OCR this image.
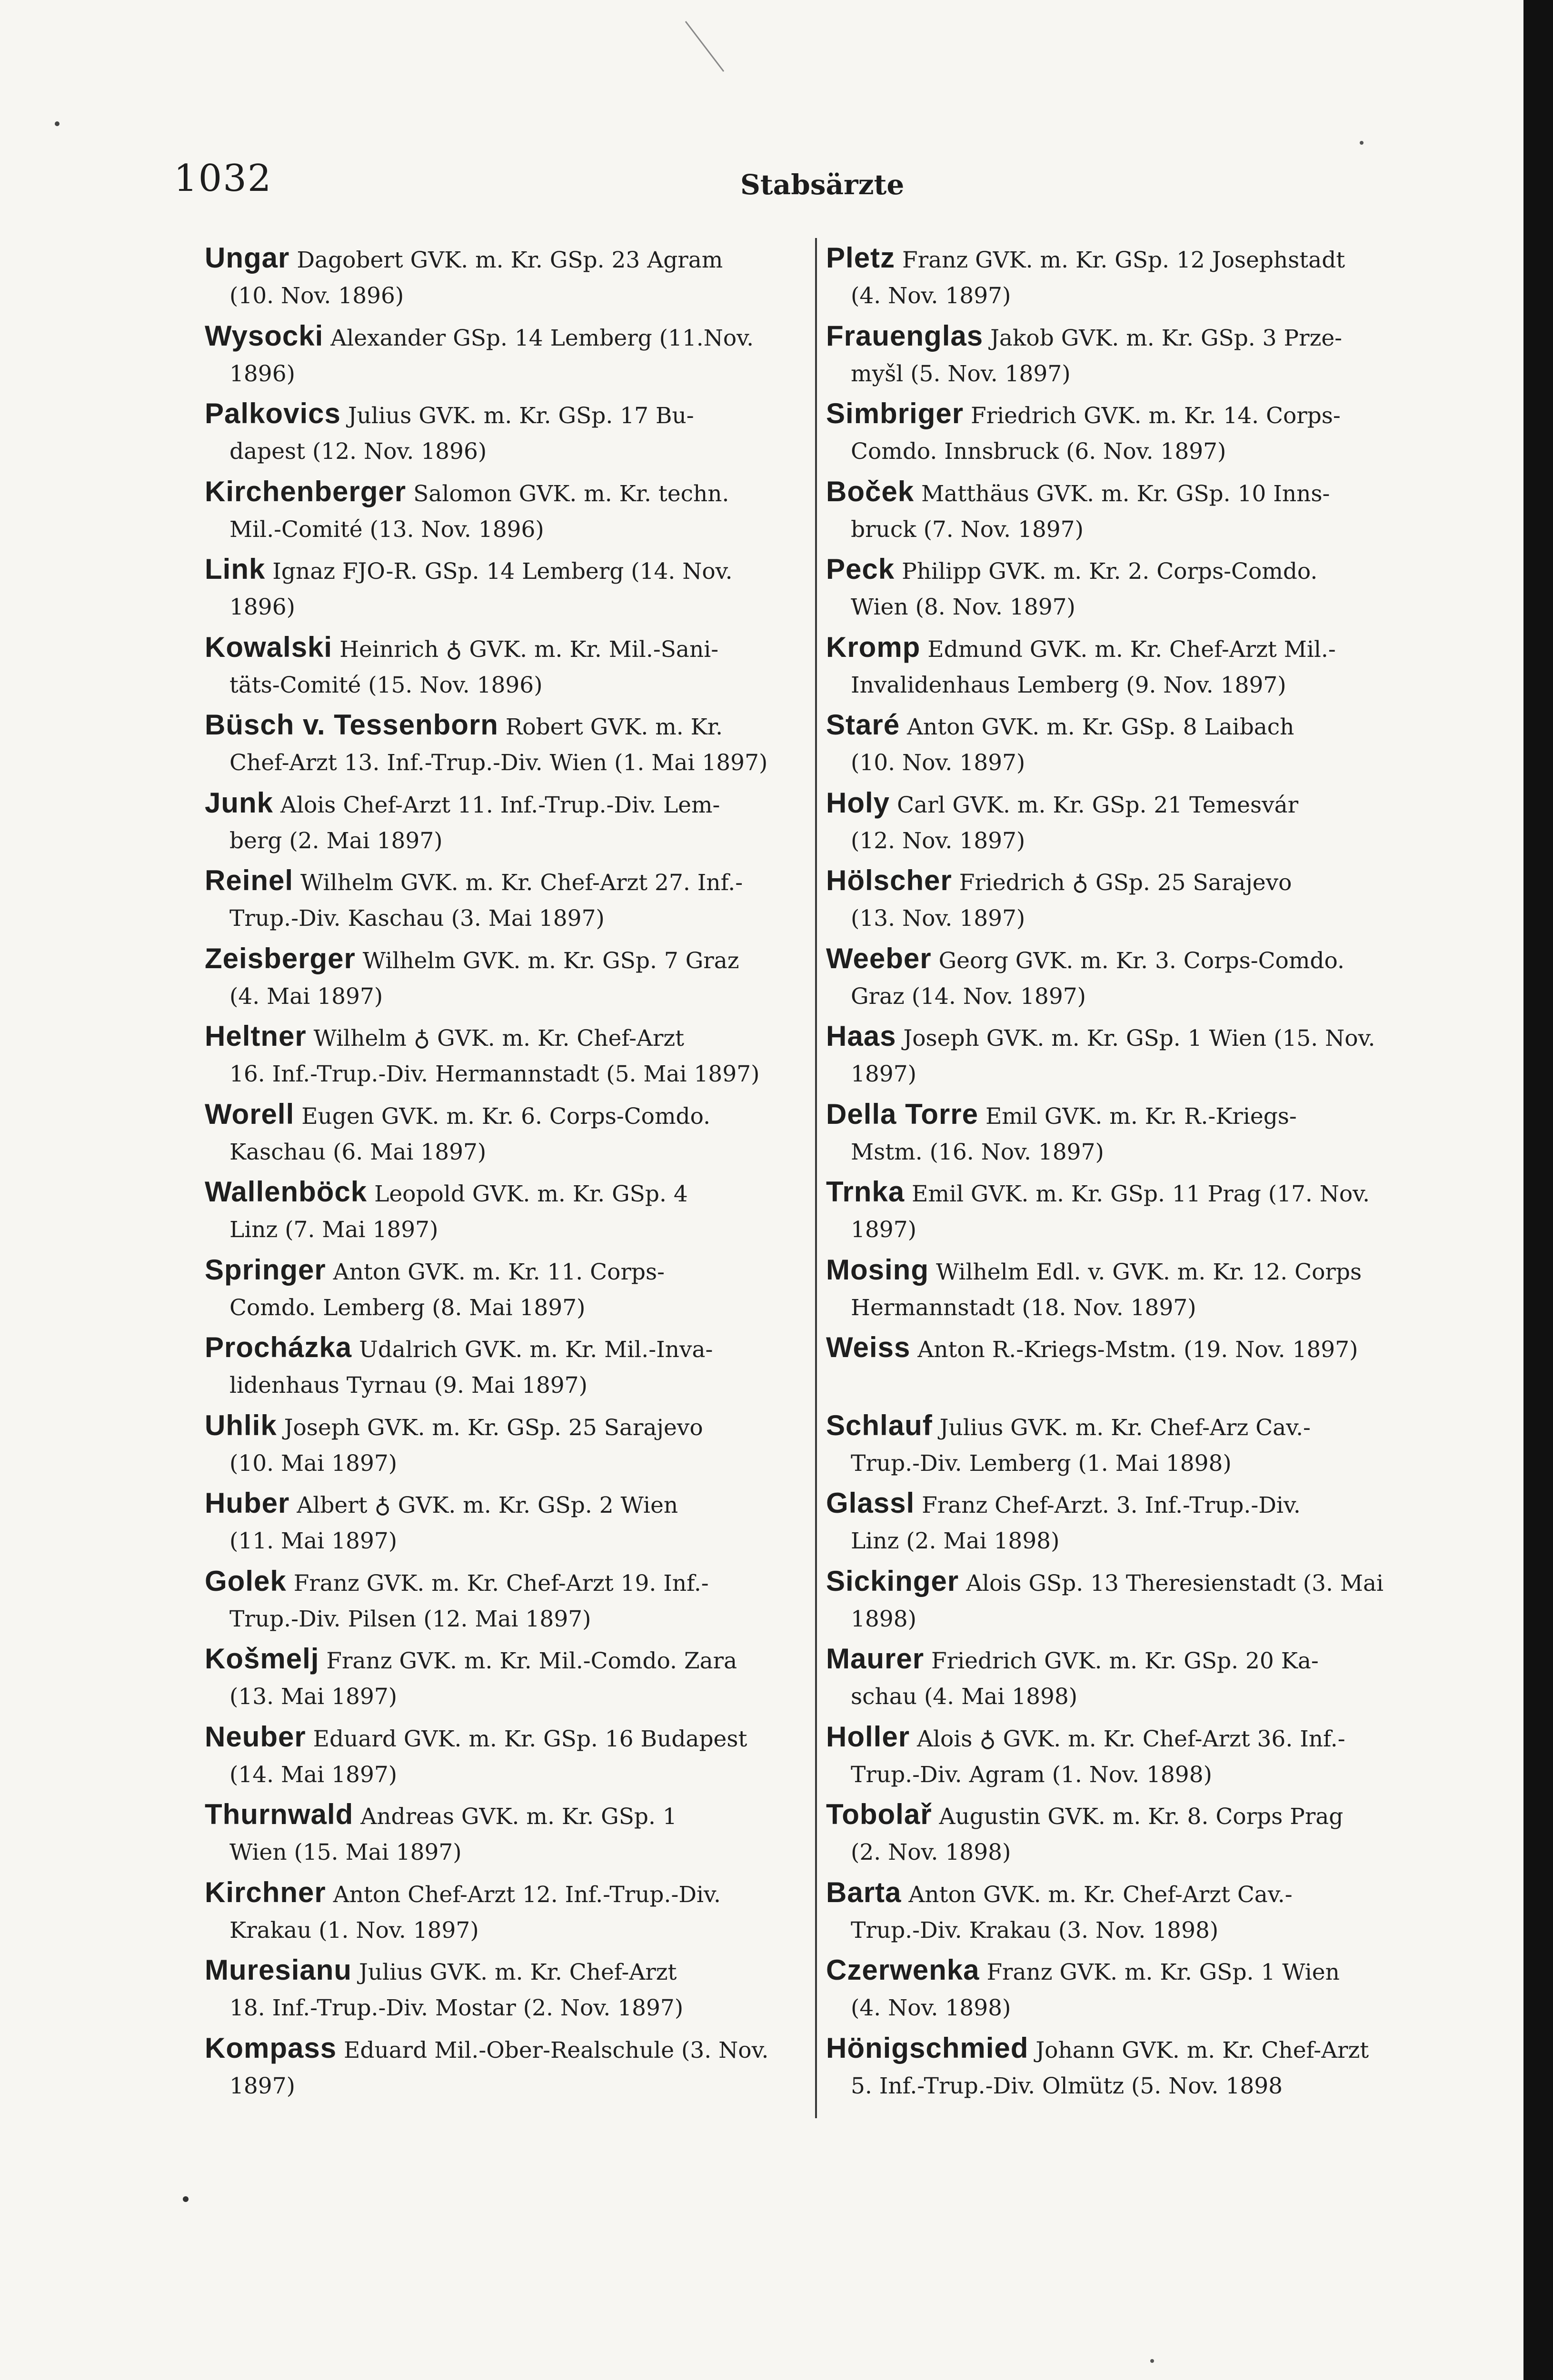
1032	Stabsärzte
Ungar Dagobert GVK. m. Kr. GSp. 23 Agram
(10. Nov. 1896)
Wysocki Alexander GSp. 14 Lemberg (11.Nov.
1896)
Palkovics Julius GVK. m. Kr. GSp. 17 Bu-
dapest (12. Nov. 1896)
Kirchenberger Salomon GVK. m. Kr. techn.
Mil.-Comité (13. Nov. 1896)
Link Ignaz FJO-R. GSp. 14 Lemberg (14. Nov.
1896)
Kowalski Heinrich ♁ GVK. m. Kr. Mil.-Sani-
täts-Comité (15. Nov. 1896)
Büsch v. Tessenborn Robert GVK. m. Kr.
Chef-Arzt 13. Inf.-Trup.-Div. Wien (1. Mai 1897)
Junk Alois Chef-Arzt 11. Inf.-Trup.-Div. Lem-
berg (2. Mai 1897)
Reinel Wilhelm GVK. m. Kr. Chef-Arzt 27. Inf.-
Trup.-Div. Kaschau (3. Mai 1897)
Zeisberger Wilhelm GVK. m. Kr. GSp. 7 Graz
(4. Mai 1897)
Heltner Wilhelm ♁ GVK. m. Kr. Chef-Arzt
16. Inf.-Trup.-Div. Hermannstadt (5. Mai 1897)
Worell Eugen GVK. m. Kr. 6. Corps-Comdo.
Kaschau (6. Mai 1897)
Wallenböck Leopold GVK. m. Kr. GSp. 4
Linz (7. Mai 1897)
Springer Anton GVK. m. Kr. 11. Corps-
Comdo. Lemberg (8. Mai 1897)
Procházka Udalrich GVK. m. Kr. Mil.-Inva-
lidenhaus Tyrnau (9. Mai 1897)
Uhlik Joseph GVK. m. Kr. GSp. 25 Sarajevo
(10. Mai 1897)
Huber Albert ♁ GVK. m. Kr. GSp. 2 Wien
(11. Mai 1897)
Golek Franz GVK. m. Kr. Chef-Arzt 19. Inf.-
Trup.-Div. Pilsen (12. Mai 1897)
Košmelj Franz GVK. m. Kr. Mil.-Comdo. Zara
(13. Mai 1897)
Neuber Eduard GVK. m. Kr. GSp. 16 Budapest
(14. Mai 1897)
Thurnwald Andreas GVK. m. Kr. GSp. 1
Wien (15. Mai 1897)
Kirchner Anton Chef-Arzt 12. Inf.-Trup.-Div.
Krakau (1. Nov. 1897)
Muresianu Julius GVK. m. Kr. Chef-Arzt
18. Inf.-Trup.-Div. Mostar (2. Nov. 1897)
Kompass Eduard Mil.-Ober-Realschule (3. Nov.
1897)
Pletz Franz GVK. m. Kr. GSp. 12 Josephstadt
(4. Nov. 1897)
Frauenglas Jakob GVK. m. Kr. GSp. 3 Prze-
myšl (5. Nov. 1897)
Simbriger Friedrich GVK. m. Kr. 14. Corps-
Comdo. Innsbruck (6. Nov. 1897)
Boček Matthäus GVK. m. Kr. GSp. 10 Inns-
bruck (7. Nov. 1897)
Peck Philipp GVK. m. Kr. 2. Corps-Comdo.
Wien (8. Nov. 1897)
Kromp Edmund GVK. m. Kr. Chef-Arzt Mil.-
Invalidenhaus Lemberg (9. Nov. 1897)
Staré Anton GVK. m. Kr. GSp. 8 Laibach
(10. Nov. 1897)
Holy Carl GVK. m. Kr. GSp. 21 Temesvár
(12. Nov. 1897)
Hölscher Friedrich ♁ GSp. 25 Sarajevo
(13. Nov. 1897)
Weeber Georg GVK. m. Kr. 3. Corps-Comdo.
Graz (14. Nov. 1897)
Haas Joseph GVK. m. Kr. GSp. 1 Wien (15. Nov.
1897)
Della Torre Emil GVK. m. Kr. R.-Kriegs-
Mstm. (16. Nov. 1897)
Trnka Emil GVK. m. Kr. GSp. 11 Prag (17. Nov.
1897)
Mosing Wilhelm Edl. v. GVK. m. Kr. 12. Corps
Hermannstadt (18. Nov. 1897)
Weiss Anton R.-Kriegs-Mstm. (19. Nov. 1897)
Schlauf Julius GVK. m. Kr. Chef-Arz Cav.-
Trup.-Div. Lemberg (1. Mai 1898)
Glassl Franz Chef-Arzt. 3. Inf.-Trup.-Div.
Linz (2. Mai 1898)
Sickinger Alois GSp. 13 Theresienstadt (3. Mai
1898)
Maurer Friedrich GVK. m. Kr. GSp. 20 Ka-
schau (4. Mai 1898)
Holler Alois ♁ GVK. m. Kr. Chef-Arzt 36. Inf.-
Trup.-Div. Agram (1. Nov. 1898)
Tobolař Augustin GVK. m. Kr. 8. Corps Prag
(2. Nov. 1898)
Barta Anton GVK. m. Kr. Chef-Arzt Cav.-
Trup.-Div. Krakau (3. Nov. 1898)
Czerwenka Franz GVK. m. Kr. GSp. 1 Wien
(4. Nov. 1898)
Hönigschmied Johann GVK. m. Kr. Chef-Arzt
5. Inf.-Trup.-Div. Olmütz (5. Nov. 1898
